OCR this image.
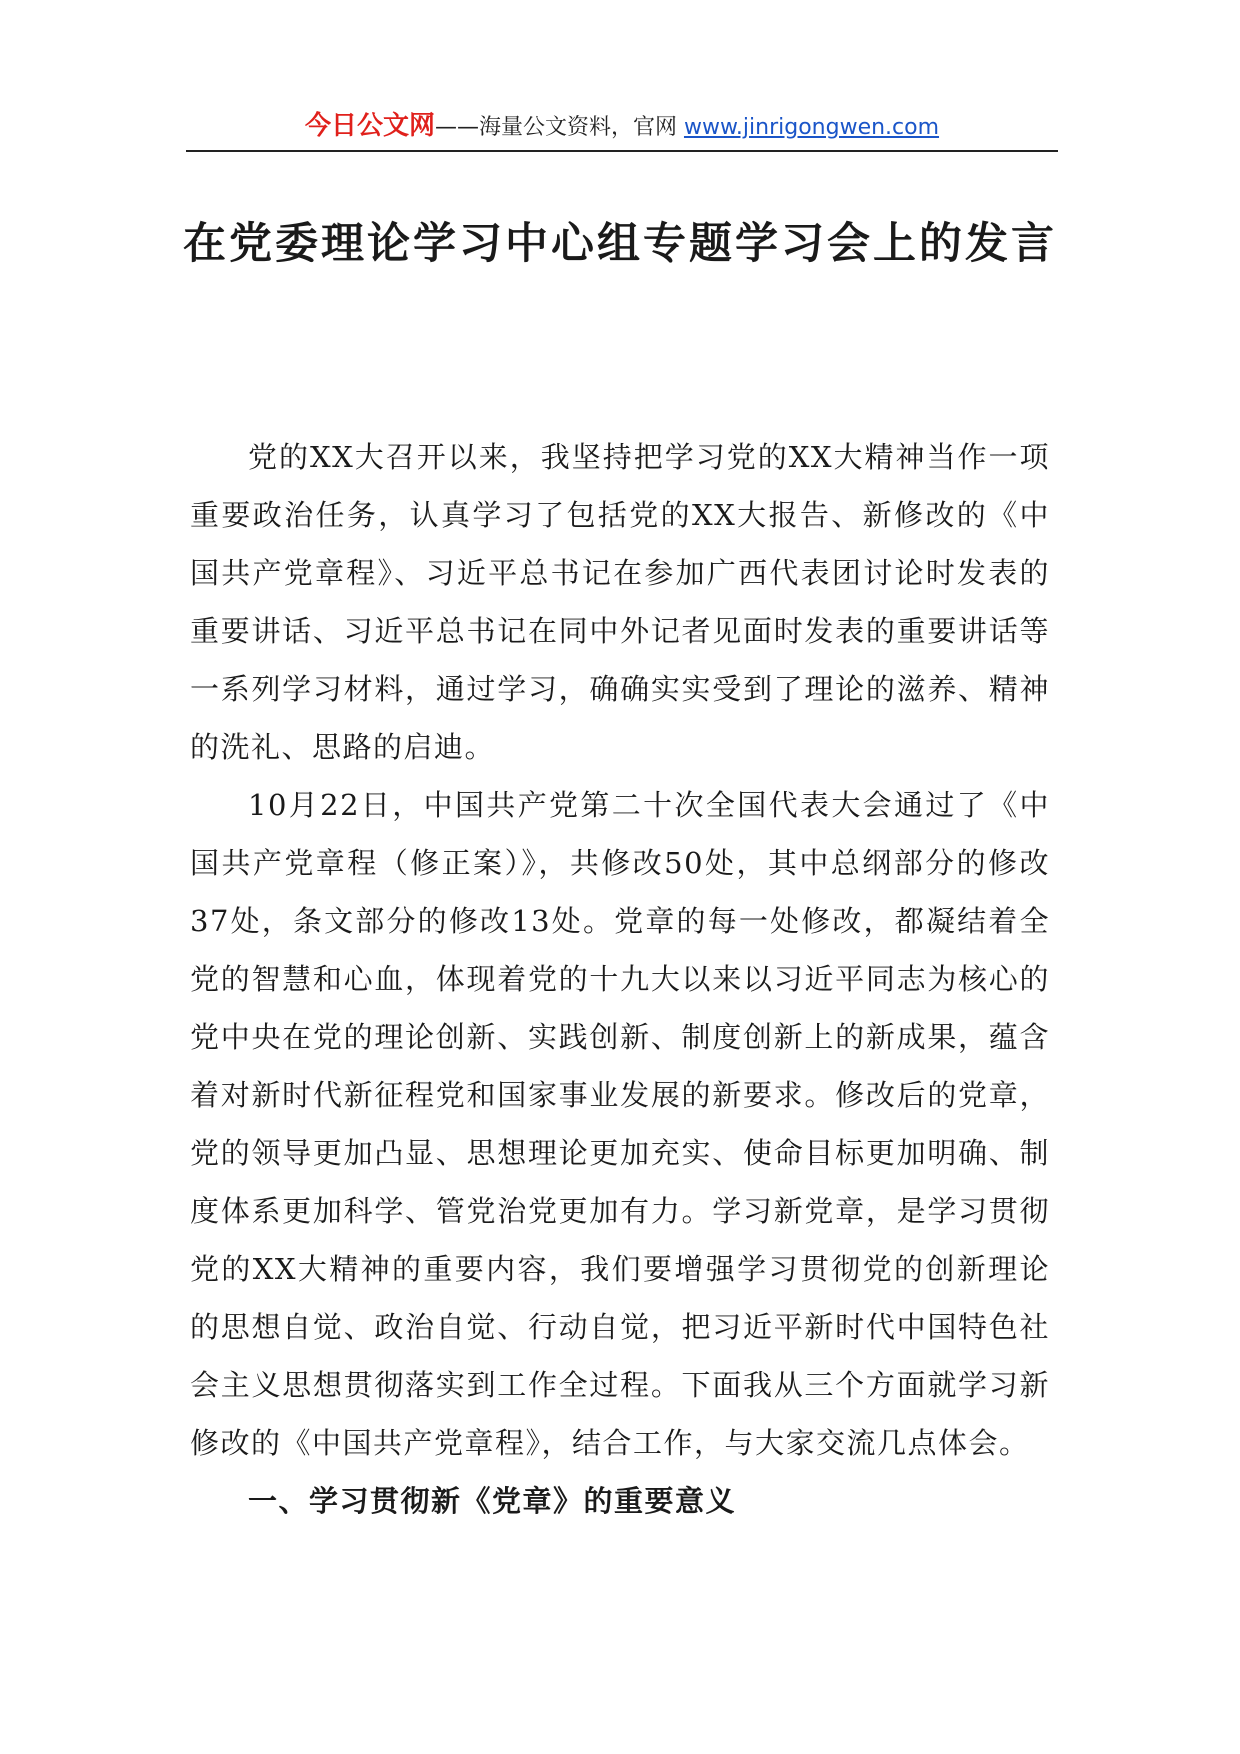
今日公文网——海量公文资料，官网 www.jinrigongwen.com
在党委理论学习中心组专题学习会上的发言

党的XX大召开以来，我坚持把学习党的XX大精神当作一项重要政治任务，认真学习了包括党的XX大报告、新修改的《中国共产党章程》、习近平总书记在参加广西代表团讨论时发表的重要讲话、习近平总书记在同中外记者见面时发表的重要讲话等一系列学习材料，通过学习，确确实实受到了理论的滋养、精神的洗礼、思路的启迪。

10月22日，中国共产党第二十次全国代表大会通过了《中国共产党章程（修正案）》，共修改50处，其中总纲部分的修改37处，条文部分的修改13处。党章的每一处修改，都凝结着全党的智慧和心血，体现着党的十九大以来以习近平同志为核心的党中央在党的理论创新、实践创新、制度创新上的新成果，蕴含着对新时代新征程党和国家事业发展的新要求。修改后的党章，党的领导更加凸显、思想理论更加充实、使命目标更加明确、制度体系更加科学、管党治党更加有力。学习新党章，是学习贯彻党的XX大精神的重要内容，我们要增强学习贯彻党的创新理论的思想自觉、政治自觉、行动自觉，把习近平新时代中国特色社会主义思想贯彻落实到工作全过程。下面我从三个方面就学习新修改的《中国共产党章程》，结合工作，与大家交流几点体会。

一、学习贯彻新《党章》的重要意义
